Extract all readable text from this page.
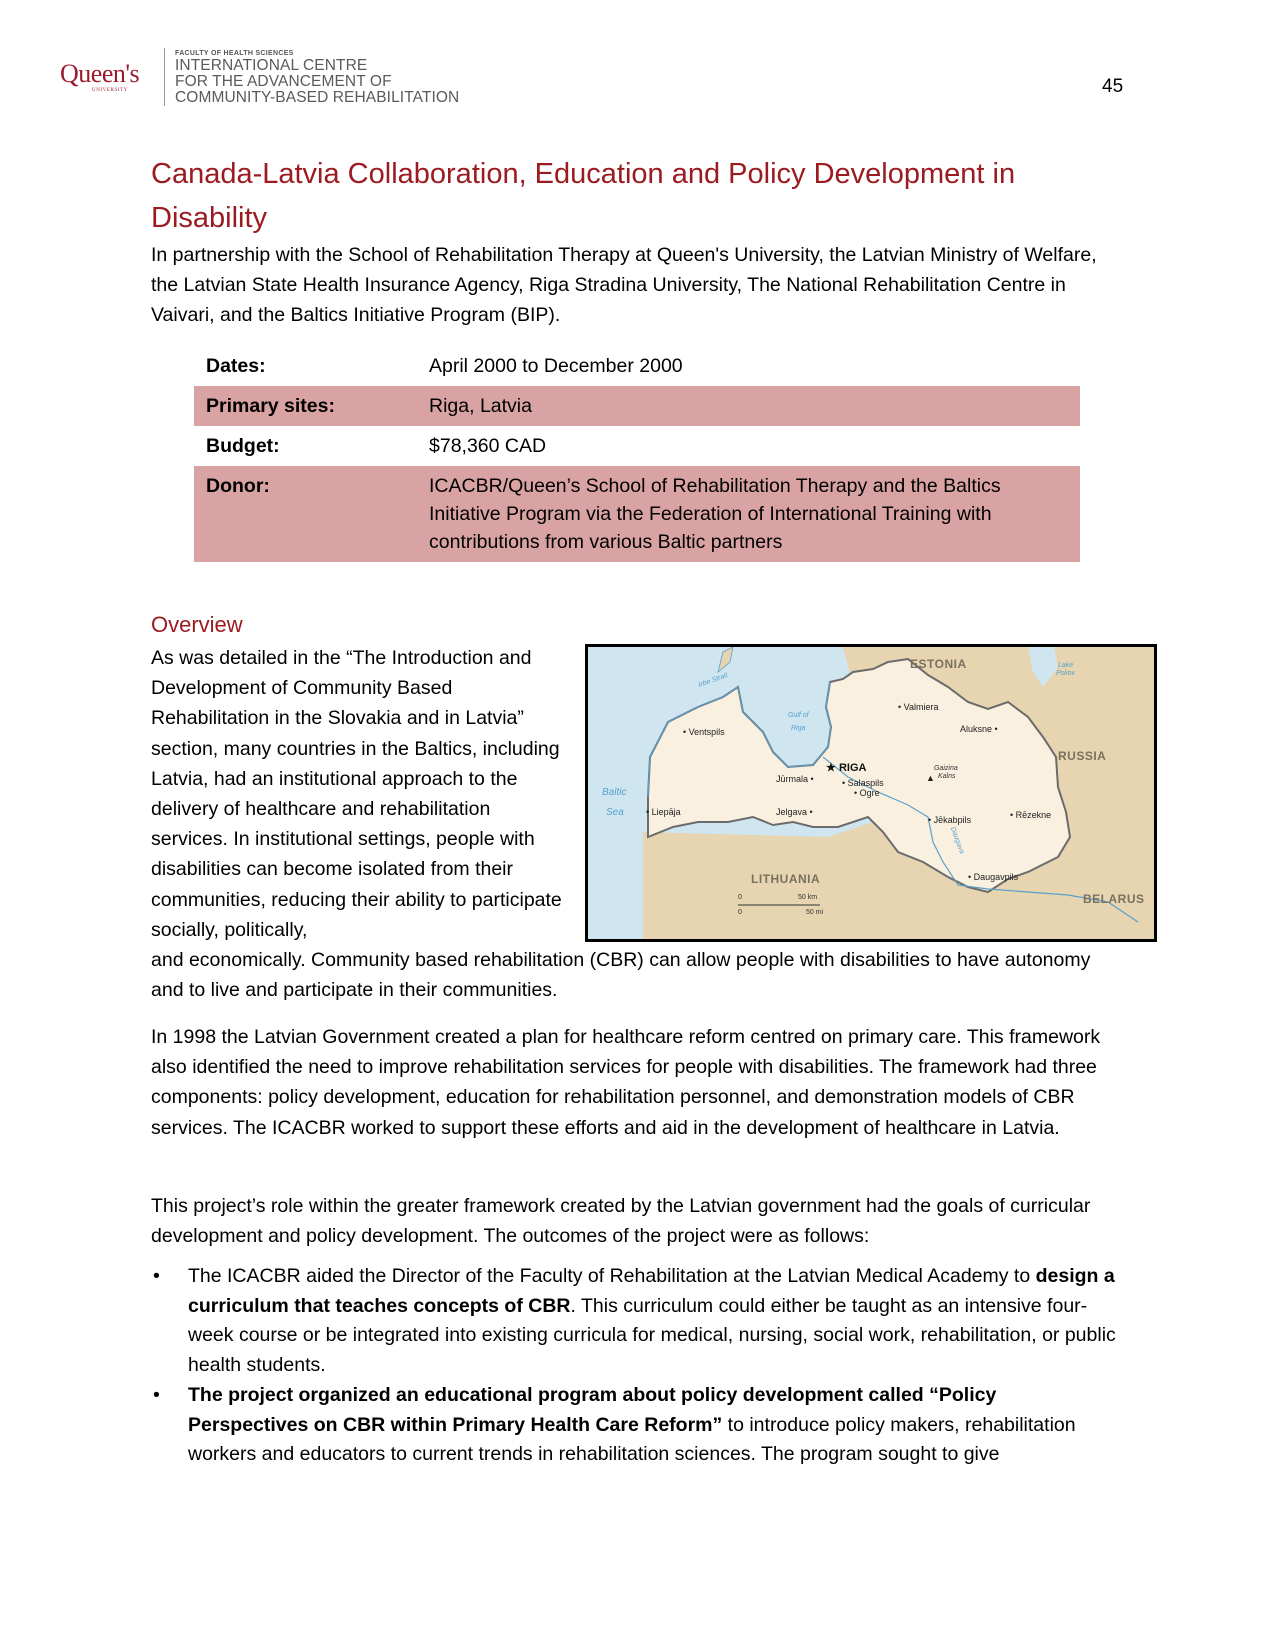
Queen's
UNIVERSITY
FACULTY OF HEALTH SCIENCES
INTERNATIONAL CENTRE
FOR THE ADVANCEMENT OF
COMMUNITY-BASED REHABILITATION	45
Canada-Latvia Collaboration, Education and Policy Development in Disability
In partnership with the School of Rehabilitation Therapy at Queen's University, the Latvian Ministry of Welfare, the Latvian State Health Insurance Agency, Riga Stradina University, The National Rehabilitation Centre in Vaivari, and the Baltics Initiative Program (BIP).
Dates:	April 2000 to December 2000
Primary sites:	Riga, Latvia
Budget:	$78,360 CAD
Donor:	ICACBR/Queen’s School of Rehabilitation Therapy and the Baltics Initiative Program via the Federation of International Training with contributions from various Baltic partners
Overview
As was detailed in the “The Introduction and Development of Community Based Rehabilitation in the Slovakia and in Latvia” section, many countries in the Baltics, including Latvia, had an institutional approach to the delivery of healthcare and rehabilitation services. In institutional settings, people with disabilities can become isolated from their communities, reducing their ability to participate socially, politically,
and economically. Community based rehabilitation (CBR) can allow people with disabilities to have autonomy and to live and participate in their communities.
In 1998 the Latvian Government created a plan for healthcare reform centred on primary care. This framework also identified the need to improve rehabilitation services for people with disabilities. The framework had three components: policy development, education for rehabilitation personnel, and demonstration models of CBR services. The ICACBR worked to support these efforts and aid in the development of healthcare in Latvia.
This project’s role within the greater framework created by the Latvian government had the goals of curricular development and policy development. The outcomes of the project were as follows:
• The ICACBR aided the Director of the Faculty of Rehabilitation at the Latvian Medical Academy to design a curriculum that teaches concepts of CBR. This curriculum could either be taught as an intensive four-week course or be integrated into existing curricula for medical, nursing, social work, rehabilitation, or public health students.
• The project organized an educational program about policy development called “Policy Perspectives on CBR within Primary Health Care Reform” to introduce policy makers, rehabilitation workers and educators to current trends in rehabilitation sciences. The program sought to give
ESTONIA
RUSSIA
LITHUANIA
BELARUS
Baltic
Sea
Gulf of
Riga
Irbe Strait
Lake
Pskov
Daugava
• Ventspils
• Liepāja
Jūrmala •
Jelgava •
★ RIGA
• Salaspils
• Ogre
• Valmiera
Aluksne •
• Jēkabpils	• Rēzekne
• Daugavpils
Gaizina
Kalns
▲
0	50 km
0	50 mi
